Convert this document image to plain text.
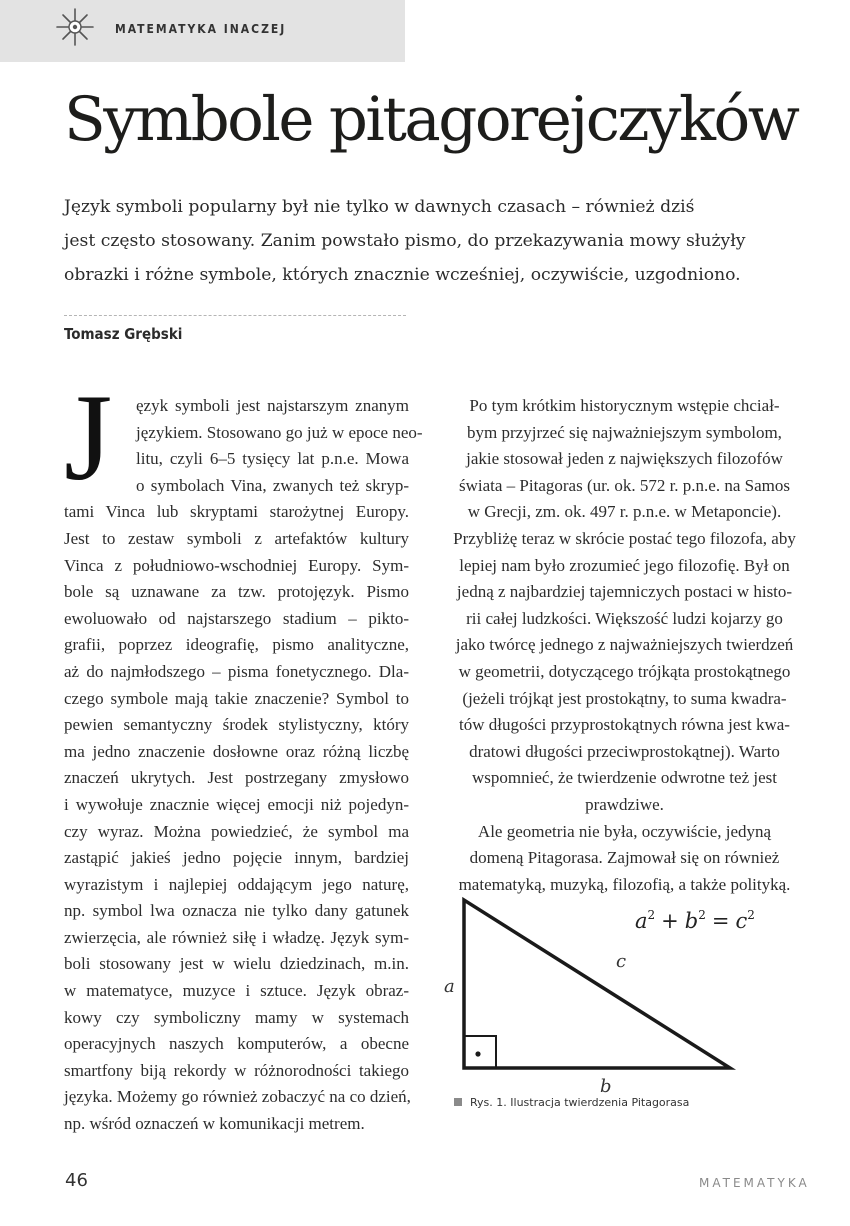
MATEMATYKA INACZEJ
Symbole pitagorejczyków
Język symboli popularny był nie tylko w dawnych czasach – również dziś
jest często stosowany. Zanim powstało pismo, do przekazywania mowy służyły
obrazki i różne symbole, których znacznie wcześniej, oczywiście, uzgodniono.
Tomasz Grębski
J ęzyk symboli jest najstarszym znanym
językiem. Stosowano go już w epoce neo-
litu, czyli 6–5 tysięcy lat p.n.e. Mowa
o symbolach Vina, zwanych też skryp-
tami Vinca lub skryptami starożytnej Europy.
Jest to zestaw symboli z artefaktów kultury
Vinca z południowo-wschodniej Europy. Sym-
bole są uznawane za tzw. protojęzyk. Pismo
ewoluowało od najstarszego stadium – pikto-
grafii, poprzez ideografię, pismo analityczne,
aż do najmłodszego – pisma fonetycznego. Dla-
czego symbole mają takie znaczenie? Symbol to
pewien semantyczny środek stylistyczny, który
ma jedno znaczenie dosłowne oraz różną liczbę
znaczeń ukrytych. Jest postrzegany zmysłowo
i wywołuje znacznie więcej emocji niż pojedyn-
czy wyraz. Można powiedzieć, że symbol ma
zastąpić jakieś jedno pojęcie innym, bardziej
wyrazistym i najlepiej oddającym jego naturę,
np. symbol lwa oznacza nie tylko dany gatunek
zwierzęcia, ale również siłę i władzę. Język sym-
boli stosowany jest w wielu dziedzinach, m.in.
w matematyce, muzyce i sztuce. Język obraz-
kowy czy symboliczny mamy w systemach
operacyjnych naszych komputerów, a obecne
smartfony biją rekordy w różnorodności takiego
języka. Możemy go również zobaczyć na co dzień,
np. wśród oznaczeń w komunikacji metrem.
Po tym krótkim historycznym wstępie chciał-
bym przyjrzeć się najważniejszym symbolom,
jakie stosował jeden z największych filozofów
świata – Pitagoras (ur. ok. 572 r. p.n.e. na Samos
w Grecji, zm. ok. 497 r. p.n.e. w Metaponcie).
Przybliżę teraz w skrócie postać tego filozofa, aby
lepiej nam było zrozumieć jego filozofię. Był on
jedną z najbardziej tajemniczych postaci w histo-
rii całej ludzkości. Większość ludzi kojarzy go
jako twórcę jednego z najważniejszych twierdzeń
w geometrii, dotyczącego trójkąta prostokątnego
(jeżeli trójkąt jest prostokątny, to suma kwadra-
tów długości przyprostokątnych równa jest kwa-
dratowi długości przeciwprostokątnej). Warto
wspomnieć, że twierdzenie odwrotne też jest
prawdziwe.
Ale geometria nie była, oczywiście, jedyną
domeną Pitagorasa. Zajmował się on również
matematyką, muzyką, filozofią, a także polityką.
$a^2 + b^2 = c^2$
c
a
b
Rys. 1. Ilustracja twierdzenia Pitagorasa
46	MATEMATYKA
